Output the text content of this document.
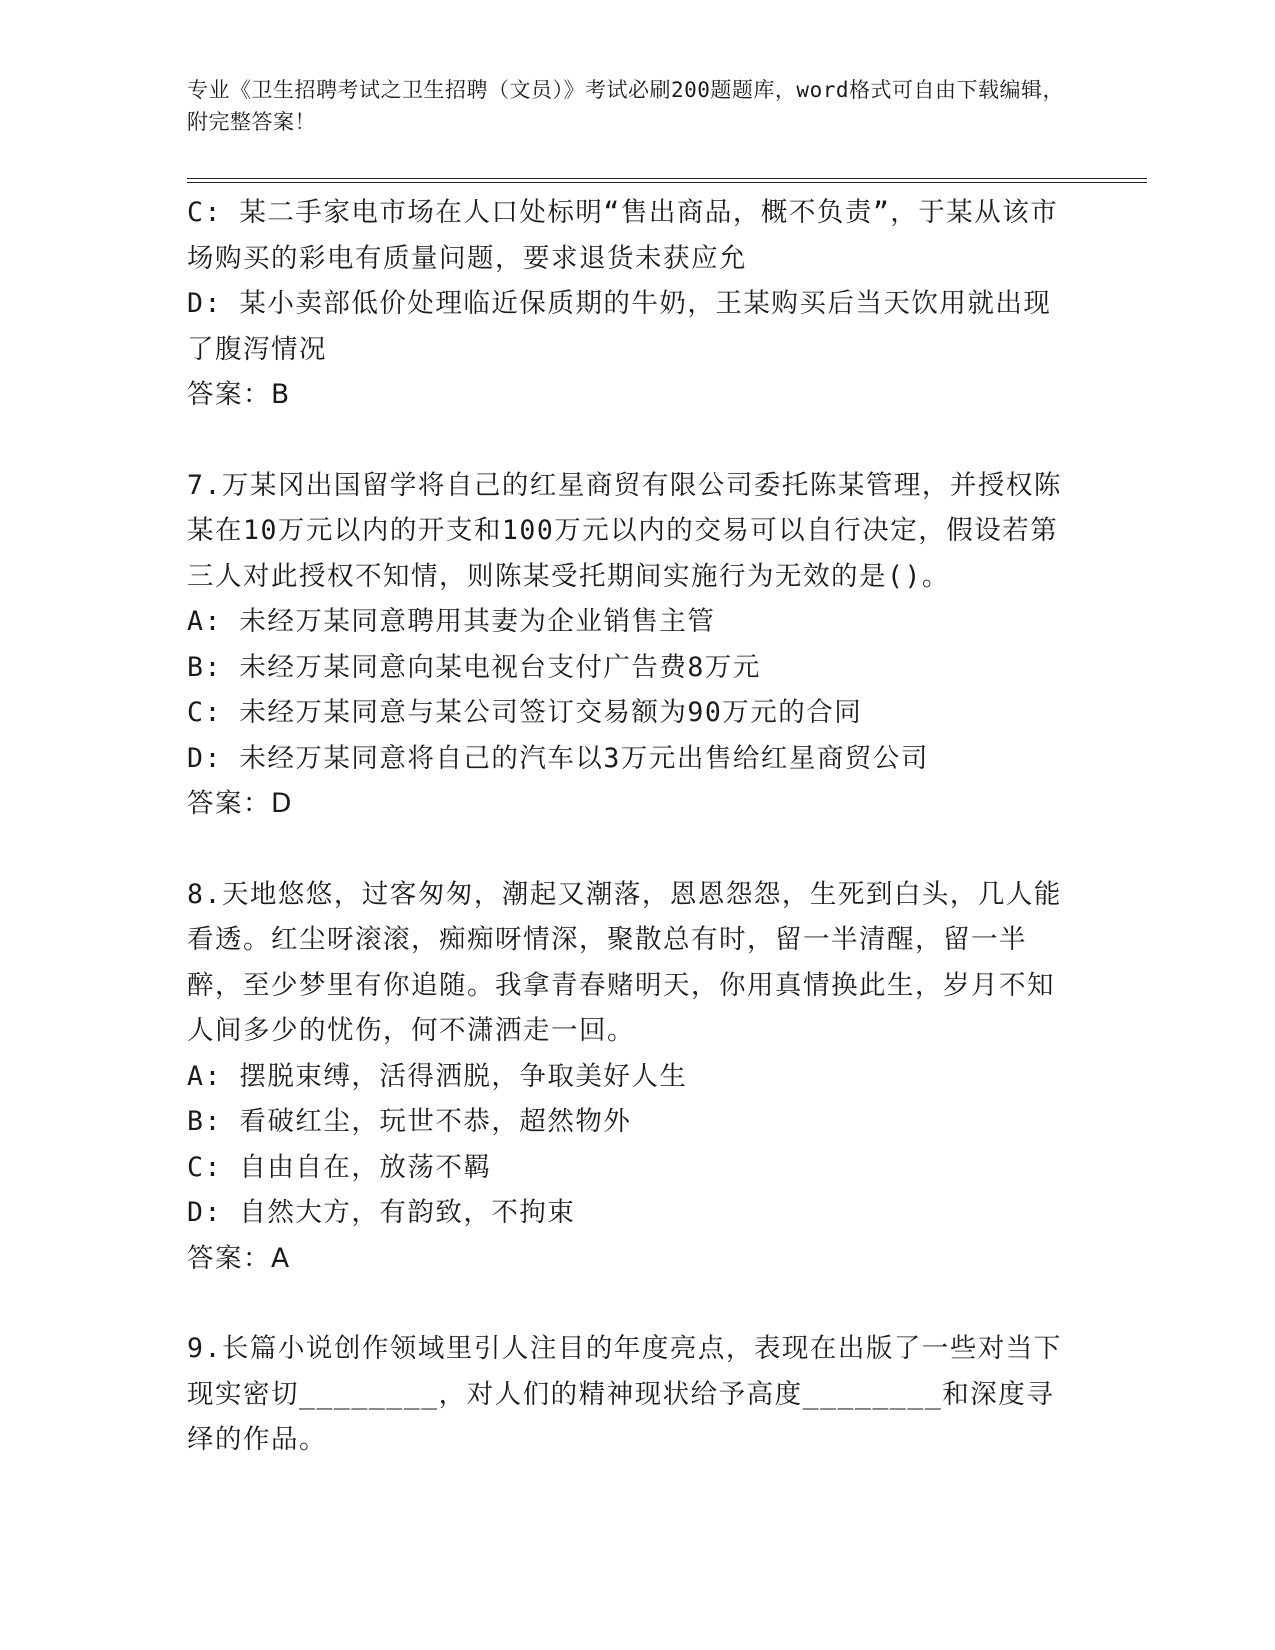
专业《卫生招聘考试之卫生招聘（文员）》考试必刷200题题库，word格式可自由下载编辑，附完整答案！

C: 某二手家电市场在人口处标明“售出商品，概不负责”，于某从该市场购买的彩电有质量问题，要求退货未获应允

D: 某小卖部低价处理临近保质期的牛奶，王某购买后当天饮用就出现了腹泻情况

答案：B

7.万某冈出国留学将自己的红星商贸有限公司委托陈某管理，并授权陈某在10万元以内的开支和100万元以内的交易可以自行决定，假设若第三人对此授权不知情，则陈某受托期间实施行为无效的是()。

A: 未经万某同意聘用其妻为企业销售主管

B: 未经万某同意向某电视台支付广告费8万元

C: 未经万某同意与某公司签订交易额为90万元的合同

D: 未经万某同意将自己的汽车以3万元出售给红星商贸公司

答案：D

8.天地悠悠，过客匆匆，潮起又潮落，恩恩怨怨，生死到白头，几人能看透。红尘呀滚滚，痴痴呀情深，聚散总有时，留一半清醒，留一半醉，至少梦里有你追随。我拿青春赌明天，你用真情换此生，岁月不知人间多少的忧伤，何不潇洒走一回。

A: 摆脱束缚，活得洒脱，争取美好人生

B: 看破红尘，玩世不恭，超然物外

C: 自由自在，放荡不羁

D: 自然大方，有韵致，不拘束

答案：A

9.长篇小说创作领域里引人注目的年度亮点，表现在出版了一些对当下现实密切________，对人们的精神现状给予高度________和深度寻绎的作品。
